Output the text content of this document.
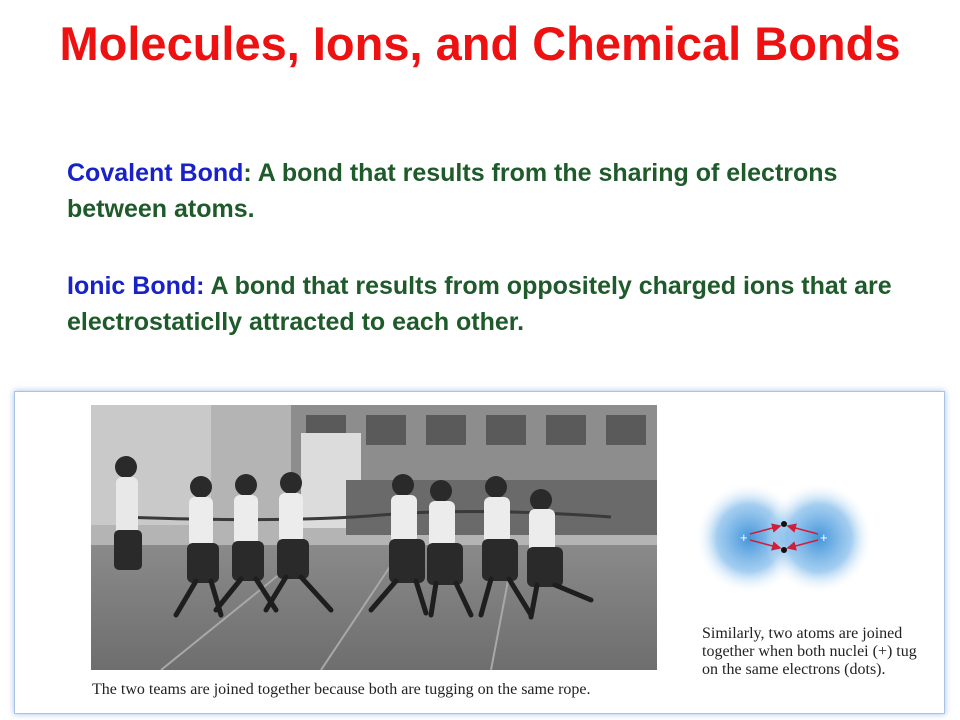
Molecules, Ions, and Chemical Bonds
Covalent Bond: A bond that results from the sharing of electrons between atoms.
Ionic Bond: A bond that results from oppositely charged ions that are electrostaticlly attracted to each other.
The two teams are joined together because both are tugging on the same rope.
+	+
Similarly, two atoms are joined together when both nuclei (+) tug on the same electrons (dots).
